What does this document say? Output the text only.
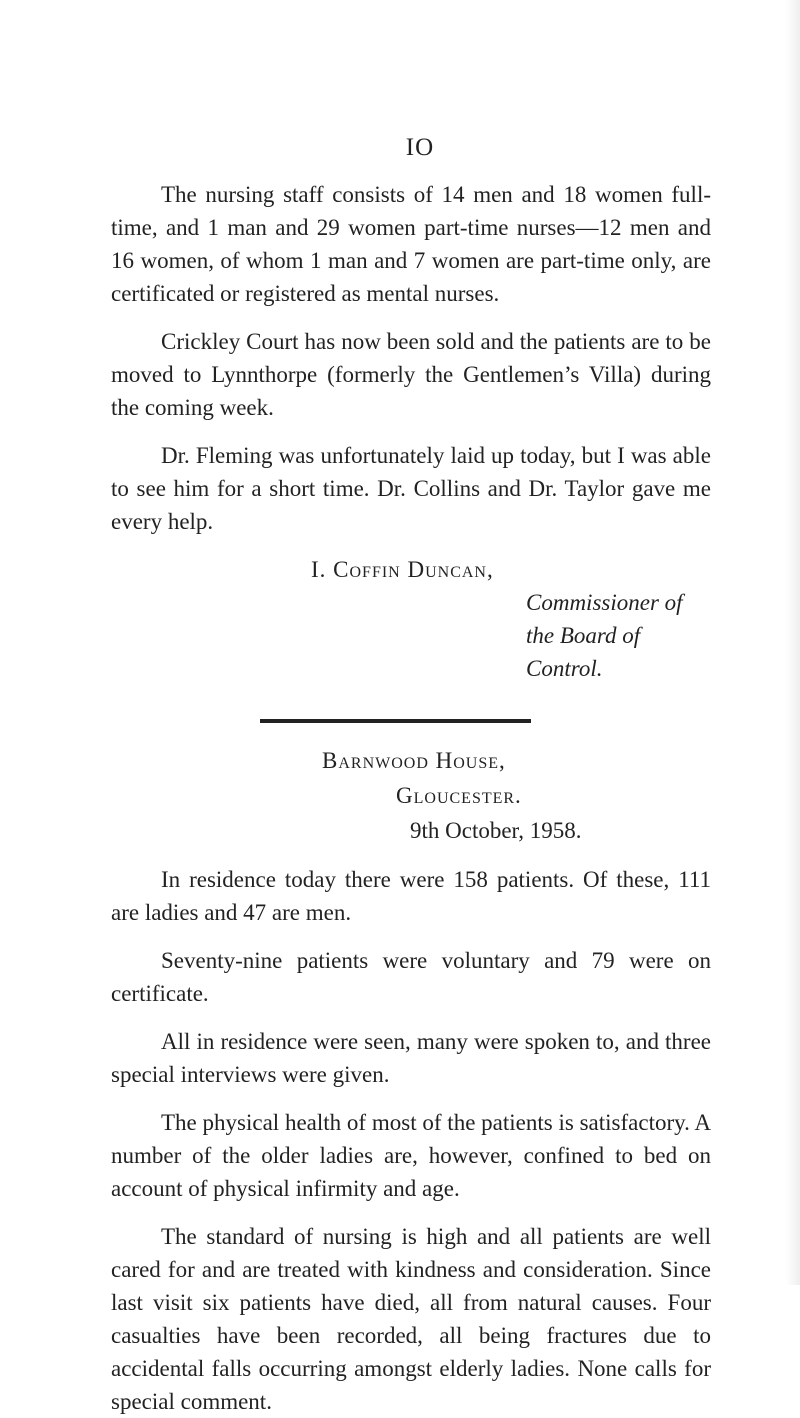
IO

The nursing staff consists of 14 men and 18 women full-time, and 1 man and 29 women part-time nurses—12 men and 16 women, of whom 1 man and 7 women are part-time only, are certificated or registered as mental nurses.

Crickley Court has now been sold and the patients are to be moved to Lynnthorpe (formerly the Gentlemen’s Villa) during the coming week.

Dr. Fleming was unfortunately laid up today, but I was able to see him for a short time. Dr. Collins and Dr. Taylor gave me every help.

I. Coffin Duncan,
Commissioner of the Board of Control.
Barnwood House,
Gloucester.
9th October, 1958.

In residence today there were 158 patients. Of these, 111 are ladies and 47 are men.

Seventy-nine patients were voluntary and 79 were on certificate.

All in residence were seen, many were spoken to, and three special interviews were given.

The physical health of most of the patients is satisfactory. A number of the older ladies are, however, confined to bed on account of physical infirmity and age.

The standard of nursing is high and all patients are well cared for and are treated with kindness and consideration. Since last visit six patients have died, all from natural causes. Four casualties have been recorded, all being fractures due to accidental falls occurring amongst elderly ladies. None calls for special comment.
